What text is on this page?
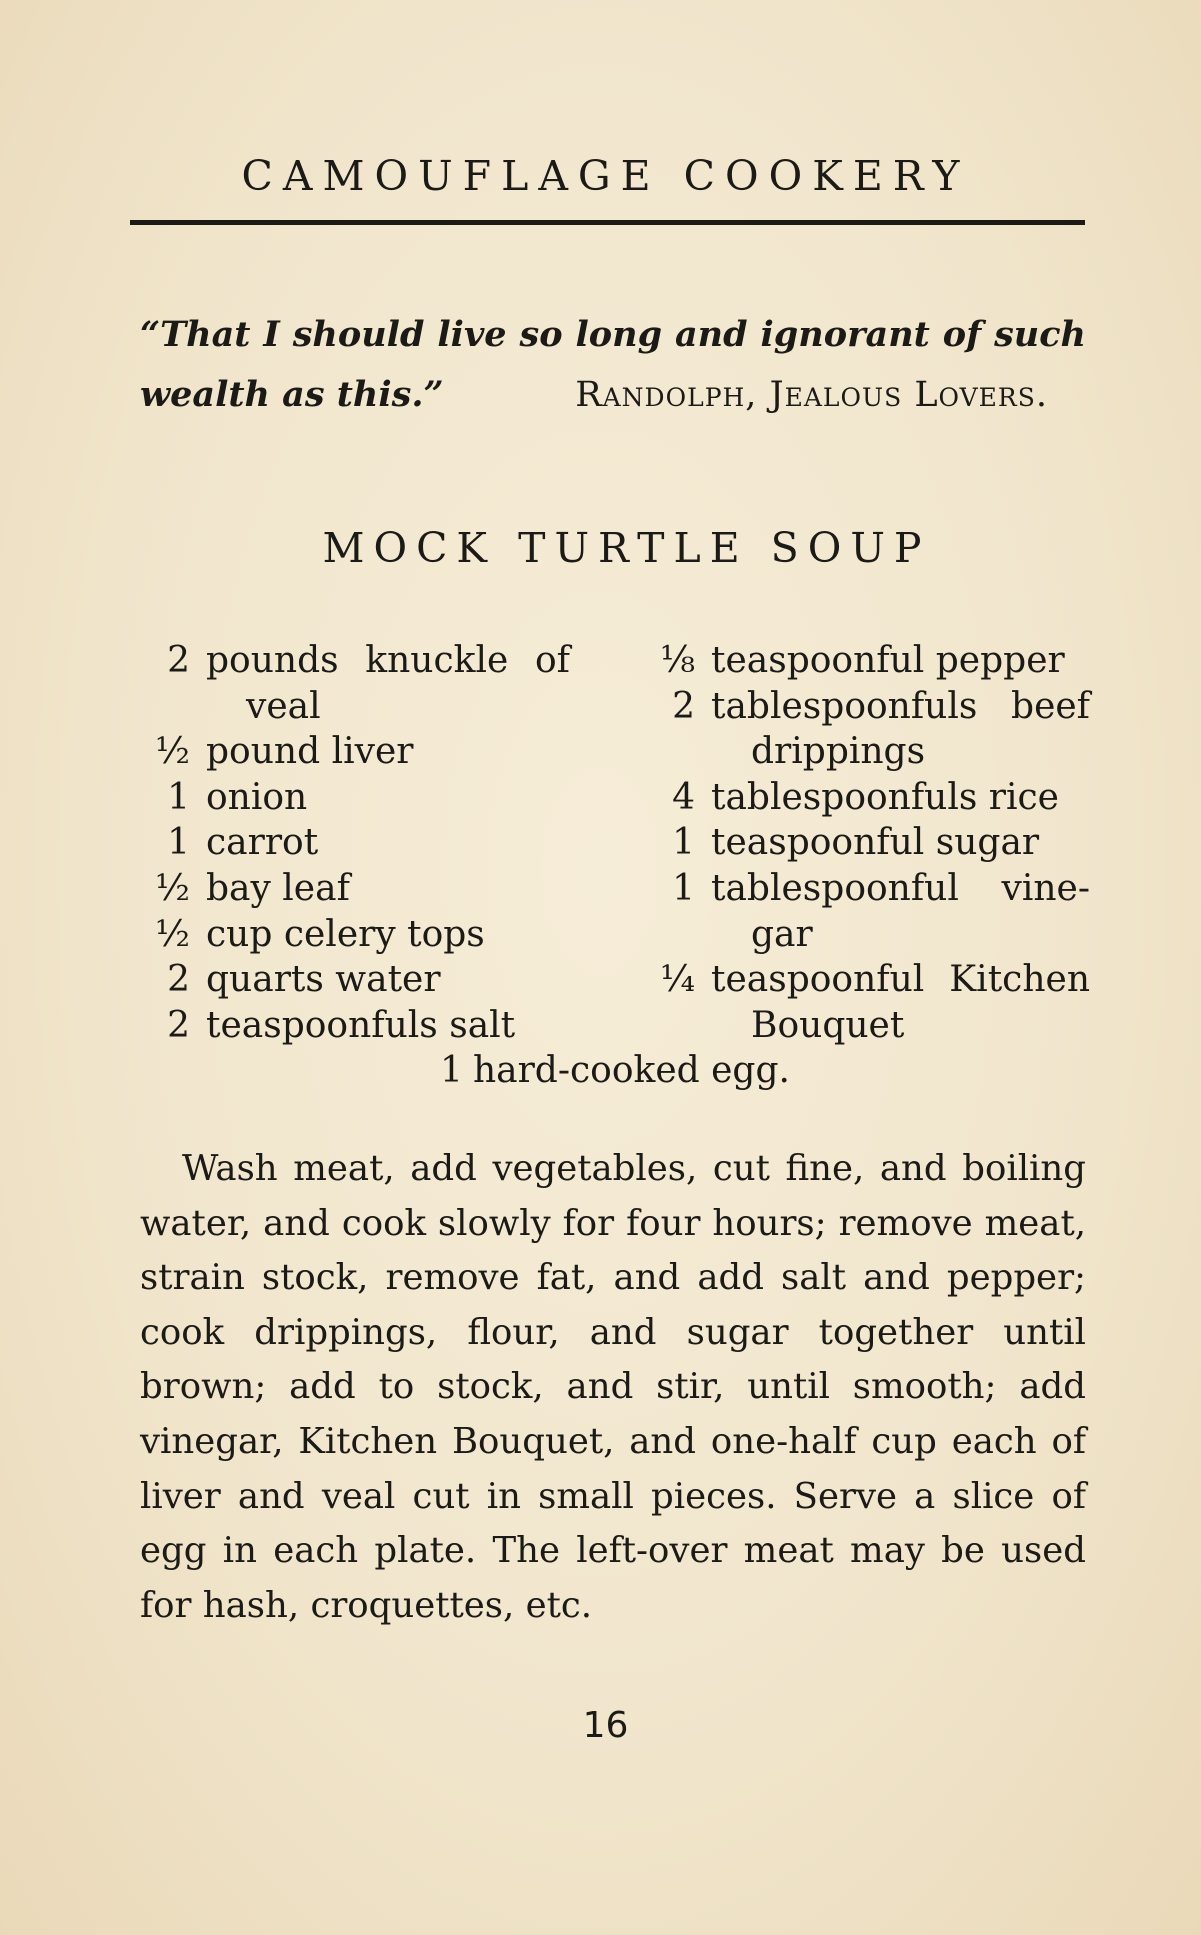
CAMOUFLAGE COOKERY
“That I should live so long and ignorant of such
wealth as this.”	Randolph, Jealous Lovers.
MOCK TURTLE SOUP
2 pounds knuckle of
veal
½ pound liver
1 onion
1 carrot
½ bay leaf
½ cup celery tops
2 quarts water
2 teaspoonfuls salt
⅛ teaspoonful pepper
2 tablespoonfuls beef
drippings
4 tablespoonfuls rice
1 teaspoonful sugar
1 tablespoonful vine-
gar
¼ teaspoonful Kitchen
Bouquet
1 hard-cooked egg.
Wash meat, add vegetables, cut fine, and boiling water, and cook slowly for four hours; remove meat, strain stock, remove fat, and add salt and pepper; cook drippings, flour, and sugar together until brown; add to stock, and stir, until smooth; add vinegar, Kitchen Bouquet, and one-half cup each of liver and veal cut in small pieces. Serve a slice of egg in each plate. The left-over meat may be used for hash, croquettes, etc.
16
